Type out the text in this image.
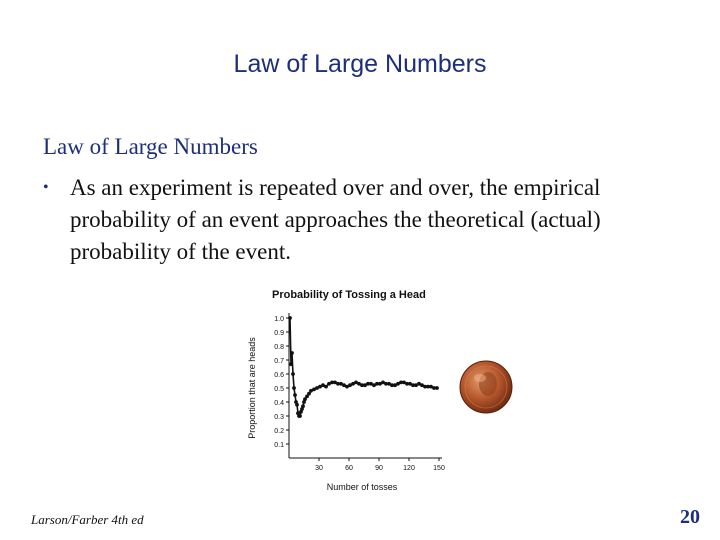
Law of Large Numbers
Law of Large Numbers
• As an experiment is repeated over and over, the empirical probability of an event approaches the theoretical (actual) probability of the event.
Probability of Tossing a Head
Proportion that are heads
Number of tosses
0.1
0.2
0.3
0.4
0.5
0.6
0.7
0.8
0.9
1.0
30	60	90	120	150
Larson/Farber 4th ed	20
